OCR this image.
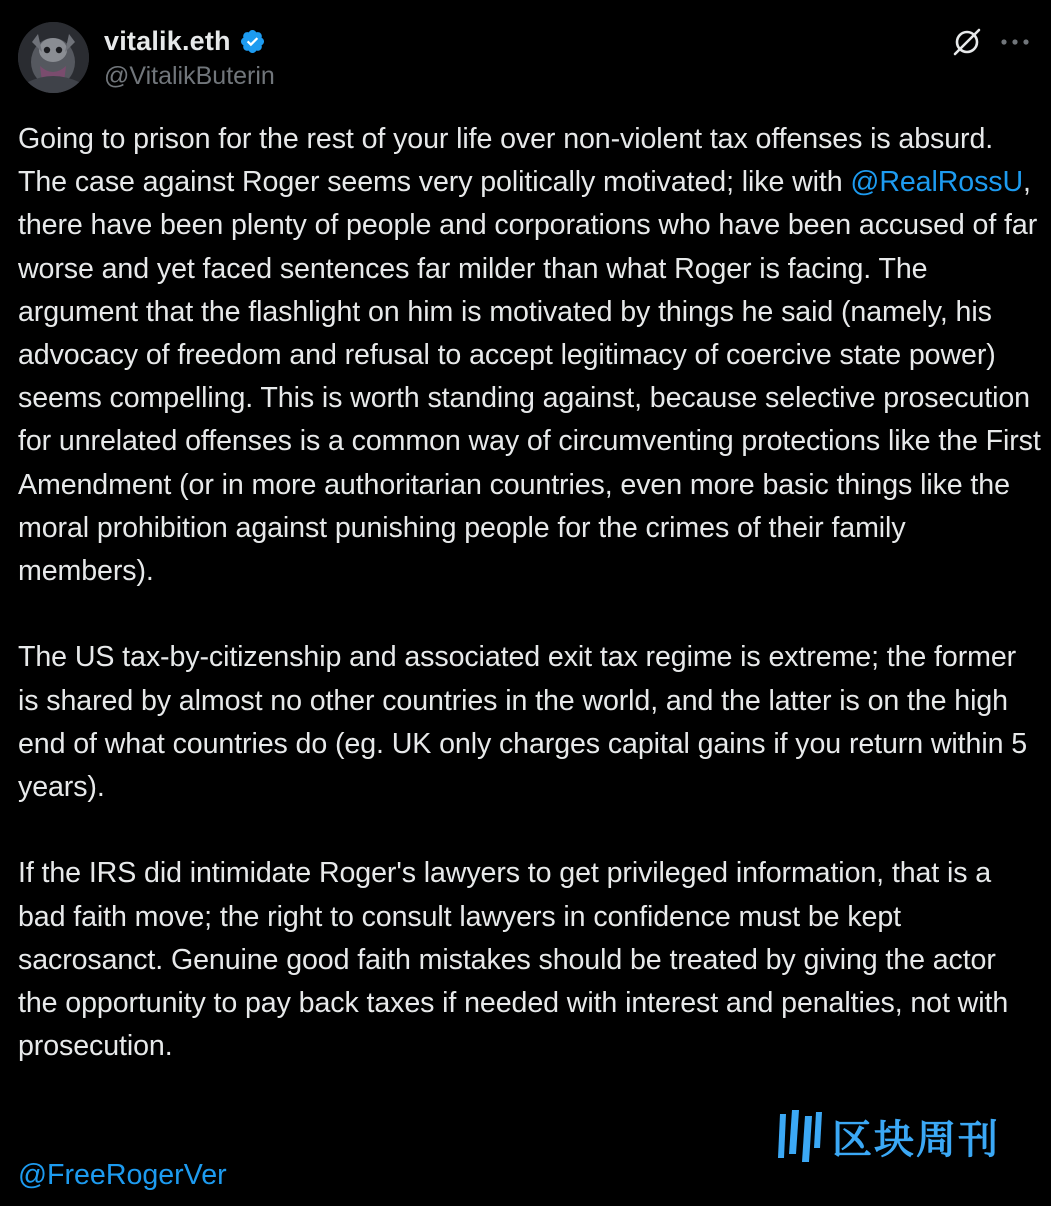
vitalik.eth
@VitalikButerin

Going to prison for the rest of your life over non-violent tax offenses is absurd. The case against Roger seems very politically motivated; like with @RealRossU, there have been plenty of people and corporations who have been accused of far worse and yet faced sentences far milder than what Roger is facing. The argument that the flashlight on him is motivated by things he said (namely, his advocacy of freedom and refusal to accept legitimacy of coercive state power) seems compelling. This is worth standing against, because selective prosecution for unrelated offenses is a common way of circumventing protections like the First Amendment (or in more authoritarian countries, even more basic things like the moral prohibition against punishing people for the crimes of their family members).

The US tax-by-citizenship and associated exit tax regime is extreme; the former is shared by almost no other countries in the world, and the latter is on the high end of what countries do (eg. UK only charges capital gains if you return within 5 years).

If the IRS did intimidate Roger's lawyers to get privileged information, that is a bad faith move; the right to consult lawyers in confidence must be kept sacrosanct. Genuine good faith mistakes should be treated by giving the actor the opportunity to pay back taxes if needed with interest and penalties, not with prosecution.

@FreeRogerVer
区块周刊
